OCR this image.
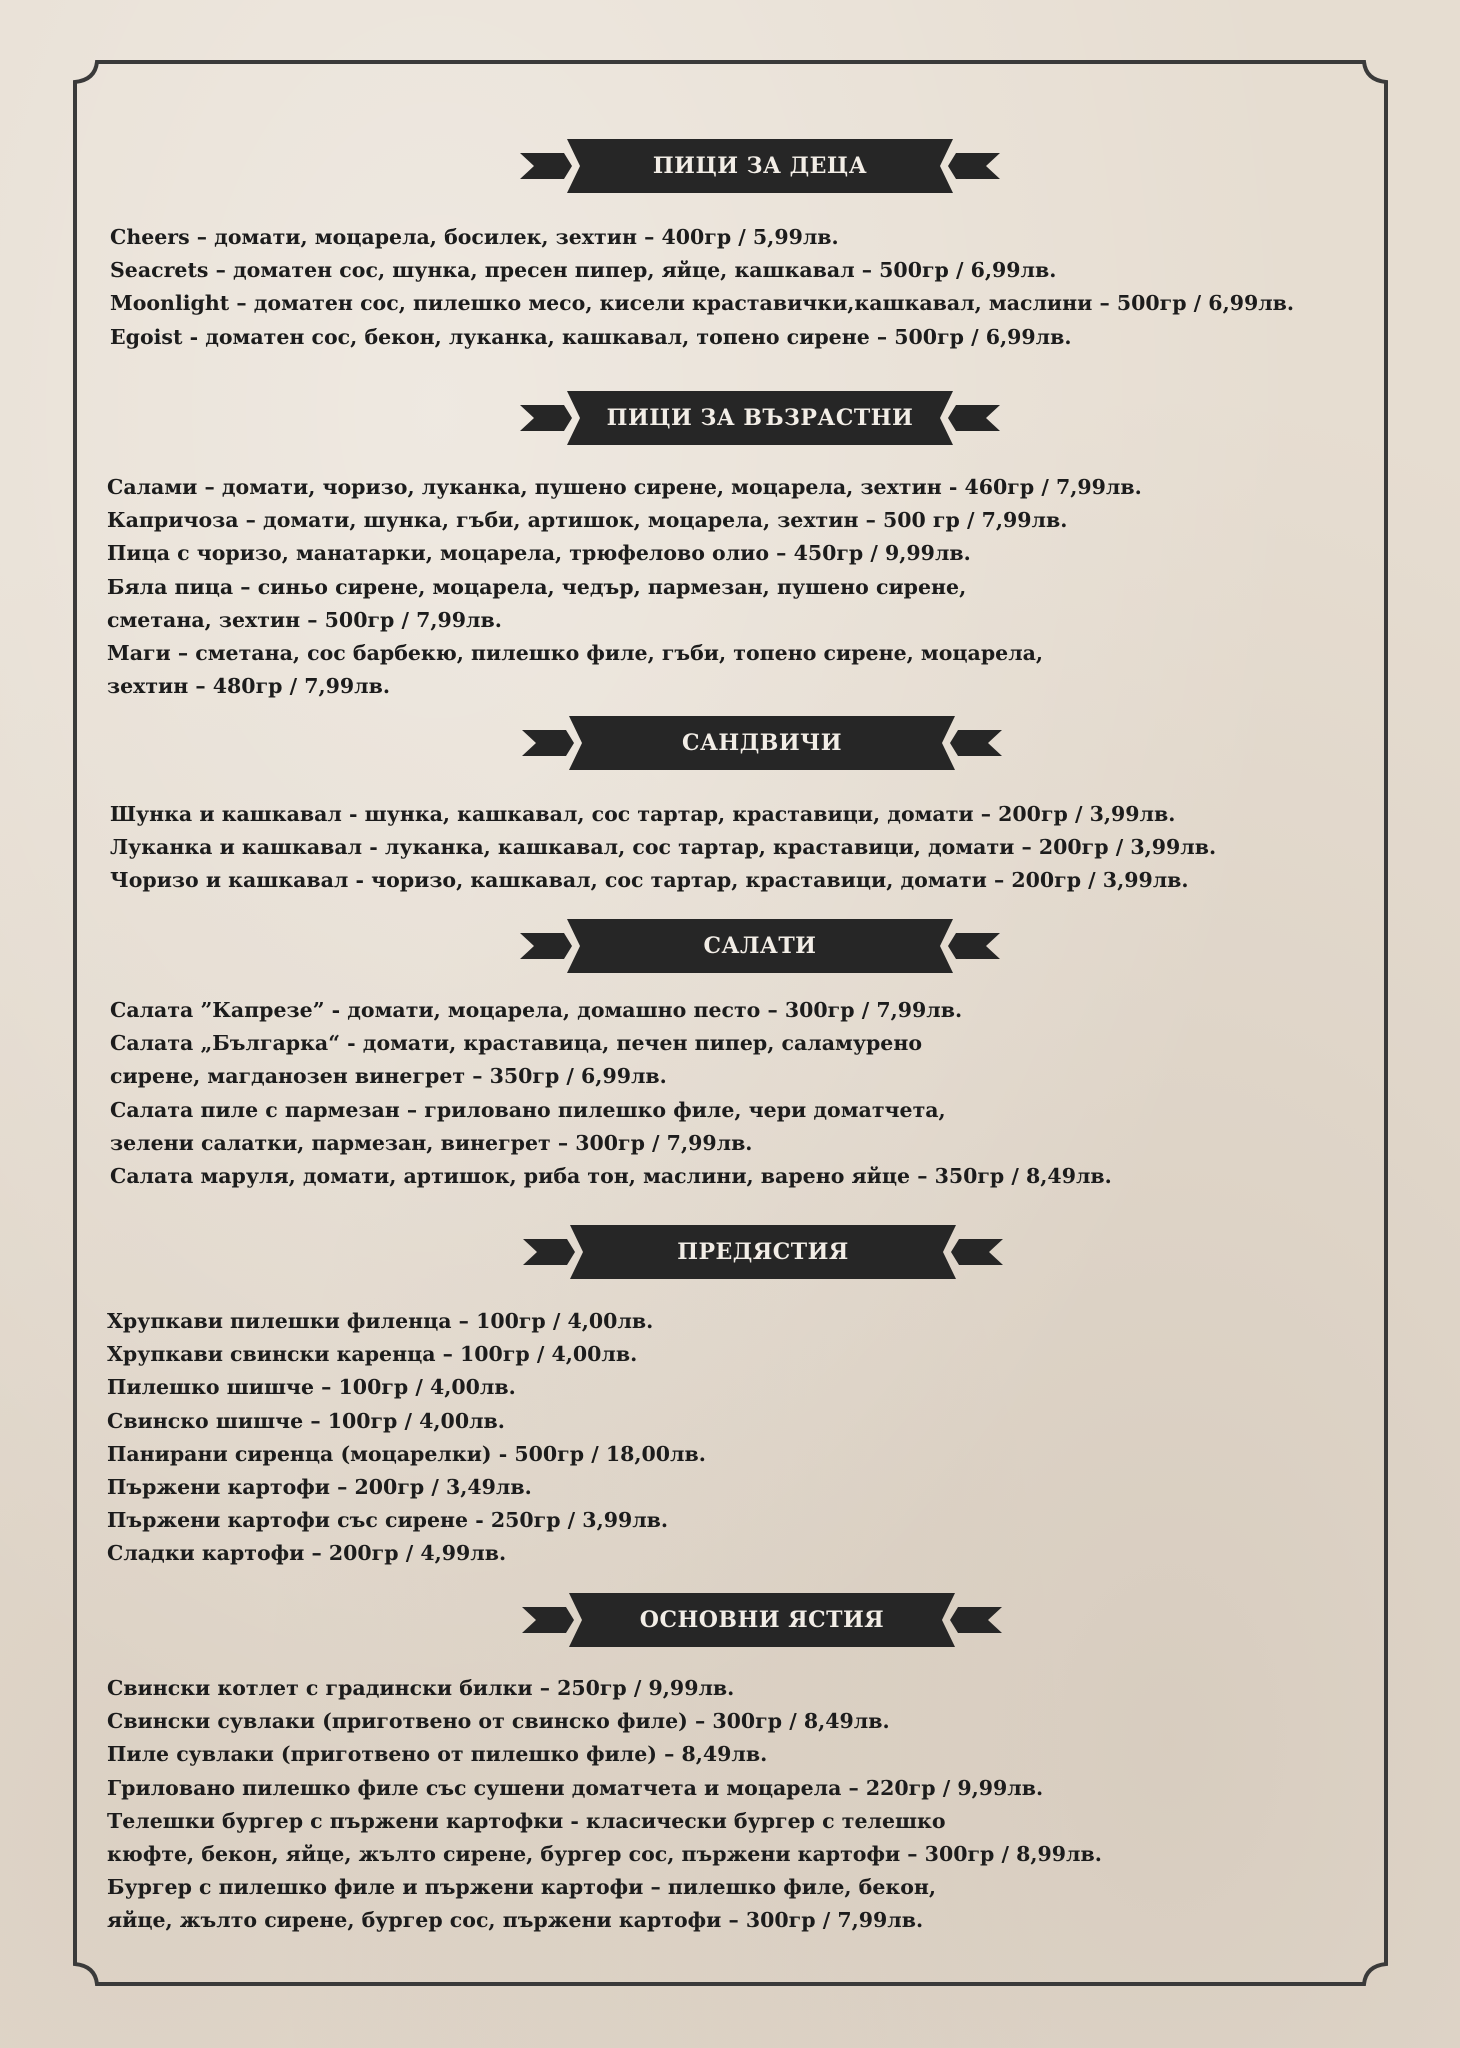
ПИЦИ ЗА ДЕЦА
Cheers – домати, моцарела, босилек, зехтин – 400гр / 5,99лв.
Seacrets – доматен сос, шунка, пресен пипер, яйце, кашкавал – 500гр / 6,99лв.
Moonlight – доматен сос, пилешко месо, кисели краставички,кашкавал, маслини – 500гр / 6,99лв.
Egoist - доматен сос, бекон, луканка, кашкавал, топено сирене – 500гр / 6,99лв.
ПИЦИ ЗА ВЪЗРАСТНИ
Салами – домати, чоризо, луканка, пушено сирене, моцарела, зехтин - 460гр / 7,99лв.
Капричоза – домати, шунка, гъби, артишок, моцарела, зехтин – 500 гр / 7,99лв.
Пица с чоризо, манатарки, моцарела, трюфелово олио – 450гр / 9,99лв.
Бяла пица – синьо сирене, моцарела, чедър, пармезан, пушено сирене,
сметана, зехтин – 500гр / 7,99лв.
Маги – сметана, сос барбекю, пилешко филе, гъби, топено сирене, моцарела,
зехтин – 480гр / 7,99лв.
САНДВИЧИ
Шунка и кашкавал - шунка, кашкавал, сос тартар, краставици, домати – 200гр / 3,99лв.
Луканка и кашкавал - луканка, кашкавал, сос тартар, краставици, домати – 200гр / 3,99лв.
Чоризо и кашкавал - чоризо, кашкавал, сос тартар, краставици, домати – 200гр / 3,99лв.
САЛАТИ
Салата ”Капрезе” - домати, моцарела, домашно песто – 300гр / 7,99лв.
Салата „Българка“ - домати, краставица, печен пипер, саламурено
сирене, магданозен винегрет – 350гр / 6,99лв.
Салата пиле с пармезан – гриловано пилешко филе, чери доматчета,
зелени салатки, пармезан, винегрет – 300гр / 7,99лв.
Салата маруля, домати, артишок, риба тон, маслини, варено яйце – 350гр / 8,49лв.
ПРЕДЯСТИЯ
Хрупкави пилешки филенца – 100гр / 4,00лв.
Хрупкави свински каренца – 100гр / 4,00лв.
Пилешко шишче – 100гр / 4,00лв.
Свинско шишче – 100гр / 4,00лв.
Панирани сиренца (моцарелки) - 500гр / 18,00лв.
Пържени картофи – 200гр / 3,49лв.
Пържени картофи със сирене - 250гр / 3,99лв.
Сладки картофи – 200гр / 4,99лв.
ОСНОВНИ ЯСТИЯ
Свински котлет с градински билки – 250гр / 9,99лв.
Свински сувлаки (приготвено от свинско филе) – 300гр / 8,49лв.
Пиле сувлаки (приготвено от пилешко филе) – 8,49лв.
Гриловано пилешко филе със сушени доматчета и моцарела – 220гр / 9,99лв.
Телешки бургер с пържени картофки - класически бургер с телешко
кюфте, бекон, яйце, жълто сирене, бургер сос, пържени картофи – 300гр / 8,99лв.
Бургер с пилешко филе и пържени картофи – пилешко филе, бекон,
яйце, жълто сирене, бургер сос, пържени картофи – 300гр / 7,99лв.
